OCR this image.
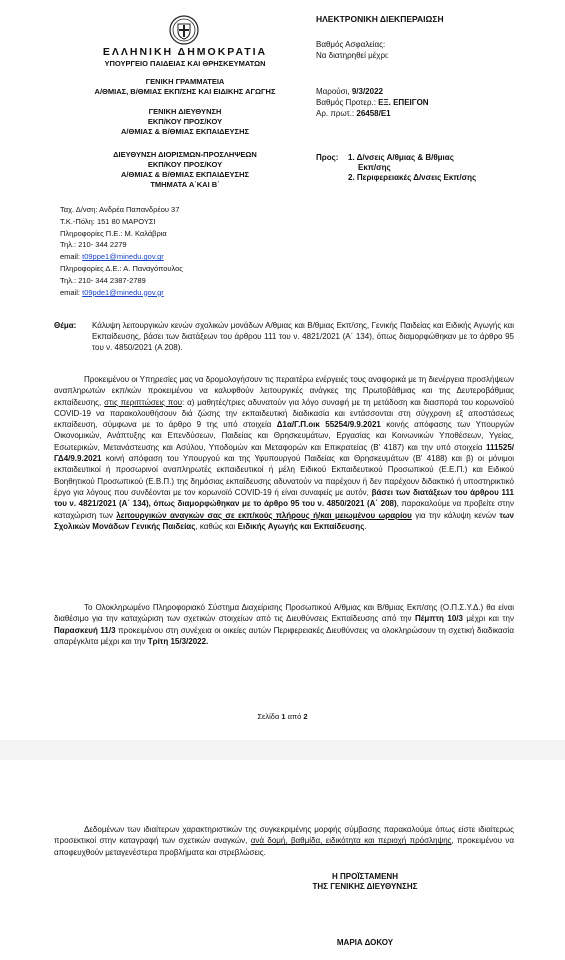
ΕΛΛΗΝΙΚΗ ΔΗΜΟΚΡΑΤΙΑ
ΥΠΟΥΡΓΕΙΟ ΠΑΙΔΕΙΑΣ ΚΑΙ ΘΡΗΣΚΕΥΜΑΤΩΝ
ΓΕΝΙΚΗ ΓΡΑΜΜΑΤΕΙΑ
Α/ΘΜΙΑΣ, Β/ΘΜΙΑΣ ΕΚΠ/ΣΗΣ ΚΑΙ ΕΙΔΙΚΗΣ ΑΓΩΓΗΣ
ΓΕΝΙΚΗ ΔΙΕΥΘΥΝΣΗ
ΕΚΠ/ΚΟΥ ΠΡΟΣ/ΚΟΥ
Α/ΘΜΙΑΣ & Β/ΘΜΙΑΣ ΕΚΠΑΙΔΕΥΣΗΣ
ΔΙΕΥΘΥΝΣΗ ΔΙΟΡΙΣΜΩΝ-ΠΡΟΣΛΗΨΕΩΝ
ΕΚΠ/ΚΟΥ ΠΡΟΣ/ΚΟΥ
Α/ΘΜΙΑΣ & Β/ΘΜΙΑΣ ΕΚΠΑΙΔΕΥΣΗΣ
ΤΜΗΜΑΤΑ Α΄ΚΑΙ Β΄
Ταχ. Δ/νση: Ανδρέα Παπανδρέου 37
Τ.Κ.-Πόλη: 151 80 ΜΑΡΟΥΣΙ
Πληροφορίες Π.Ε.: Μ. Καλάβρια
Τηλ.: 210- 344 2279
email: t09ppe1@minedu.gov.gr
Πληροφορίες Δ.Ε.: Α. Παναγόπουλος
Τηλ.: 210- 344 2387-2789
email: t09pde1@minedu.gov.gr
ΗΛΕΚΤΡΟΝΙΚΗ ΔΙΕΚΠΕΡΑΙΩΣΗ
Βαθμός Ασφαλείας:
Να διατηρηθεί μέχρι:
Μαρούσι, 9/3/2022
Βαθμός Προτερ.: ΕΞ. ΕΠΕΙΓΟΝ
Αρ. πρωτ.: 26458/Ε1
Προς: 1. Δ/νσεις Α/θμιας & Β/θμιας
Εκπ/σης
2. Περιφερειακές Δ/νσεις Εκπ/σης
Θέμα: Κάλυψη λειτουργικών κενών σχολικών μονάδων Α/θμιας και Β/θμιας Εκπ/σης, Γενικής Παιδείας και Ειδικής Αγωγής και Εκπαίδευσης, βάσει των διατάξεων του άρθρου 111 του ν. 4821/2021 (Α΄ 134), όπως διαμορφώθηκαν με το άρθρο 95 του ν. 4850/2021 (Α 208).

Προκειμένου οι Υπηρεσίες μας να δρομολογήσουν τις περαιτέρω ενέργειές τους αναφορικά με τη διενέργεια προσλήψεων αναπληρωτών εκπ/κών προκειμένου να καλυφθούν λειτουργικές ανάγκες της Πρωτοβάθμιας και της Δευτεροβάθμιας εκπαίδευσης, στις περιπτώσεις που: α) μαθητές/τριες αδυνατούν για λόγο συναφή με τη μετάδοση και διασπορά του κορωνοϊού COVID-19 να παρακολουθήσουν διά ζώσης την εκπαιδευτική διαδικασία και εντάσσονται στη σύγχρονη εξ αποστάσεως εκπαίδευση, σύμφωνα με το άρθρο 9 της υπό στοιχεία Δ1α/Γ.Π.οικ 55254/9.9.2021 κοινής απόφασης των Υπουργών Οικονομικών, Ανάπτυξης και Επενδύσεων, Παιδείας και Θρησκευμάτων, Εργασίας και Κοινωνικών Υποθέσεων, Υγείας, Εσωτερικών, Μετανάστευσης και Ασύλου, Υποδομών και Μεταφορών και Επικρατείας (Β' 4187) και την υπό στοιχεία 111525/ΓΔ4/9.9.2021 κοινή απόφαση του Υπουργού και της Υφυπουργού Παιδείας και Θρησκευμάτων (Β' 4188) και β) οι μόνιμοι εκπαιδευτικοί ή προσωρινοί αναπληρωτές εκπαιδευτικοί ή μέλη Ειδικού Εκπαιδευτικού Προσωπικού (Ε.Ε.Π.) και Ειδικού Βοηθητικού Προσωπικού (Ε.Β.Π.) της δημόσιας εκπαίδευσης αδυνατούν να παρέχουν ή δεν παρέχουν διδακτικό ή υποστηρικτικό έργο για λόγους που συνδέονται με τον κορωνοϊό COVID-19 ή είναι συναφείς με αυτόν, βάσει των διατάξεων του άρθρου 111 του ν. 4821/2021 (Α΄ 134), όπως διαμορφώθηκαν με το άρθρο 95 του ν. 4850/2021 (Α΄ 208), παρακαλούμε να προβείτε στην καταχώριση των λειτουργικών αναγκών σας σε εκπ/κούς πλήρους ή/και μειωμένου ωραρίου για την κάλυψη κενών των Σχολικών Μονάδων Γενικής Παιδείας, καθώς και Ειδικής Αγωγής και Εκπαίδευσης.

Το Ολοκληρωμένο Πληροφοριακό Σύστημα Διαχείρισης Προσωπικού Α/θμιας και Β/θμιας Εκπ/σης (Ο.Π.Σ.Υ.Δ.) θα είναι διαθέσιμο για την καταχώριση των σχετικών στοιχείων από τις Διευθύνσεις Εκπαίδευσης από την Πέμπτη 10/3 μέχρι και την Παρασκευή 11/3 προκειμένου στη συνέχεια οι οικείες αυτών Περιφερειακές Διευθύνσεις να ολοκληρώσουν τη σχετική διαδικασία απαρέγκλιτα μέχρι και την Τρίτη 15/3/2022.

Σελίδα 1 από 2

Δεδομένων των ιδιαίτερων χαρακτηριστικών της συγκεκριμένης μορφής σύμβασης παρακαλούμε όπως είστε ιδιαίτερως προσεκτικοί στην καταγραφή των σχετικών αναγκών, ανά δομή, βαθμίδα, ειδικότητα και περιοχή πρόσληψης, προκειμένου να αποφευχθούν μεταγενέστερα προβλήματα και στρεβλώσεις.

Η ΠΡΟΪΣΤΑΜΕΝΗ
ΤΗΣ ΓΕΝΙΚΗΣ ΔΙΕΥΘΥΝΣΗΣ
ΜΑΡΙΑ ΔΟΚΟΥ
